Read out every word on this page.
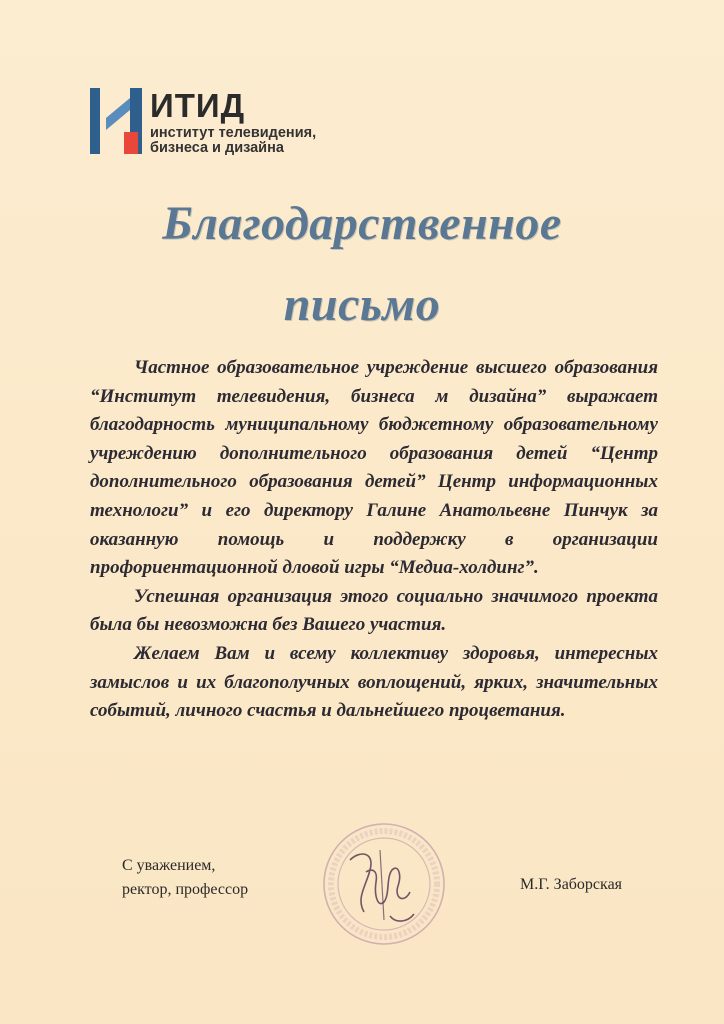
ИТИД
институт телевидения,
бизнеса и дизайна
Благодарственное
письмо

Частное образовательное учреждение высшего образования “Институт телевидения, бизнеса м дизайна” выражает благодарность муниципальному бюджетному образовательному учреждению дополнительного образования детей “Центр дополнительного образования детей” Центр информационных технологи” и его директору Галине Анатольевне Пинчук за оказанную помощь и поддержку в организации профориентационной дловой игры “Медиа-холдинг”.

Успешная организация этого социально значимого проекта была бы невозможна без Вашего участия.

Желаем Вам и всему коллективу здоровья, интересных замыслов и их благополучных воплощений, ярких, значительных событий, личного счастья и дальнейшего процветания.

С уважением,
ректор, профессор	М.Г. Заборская
